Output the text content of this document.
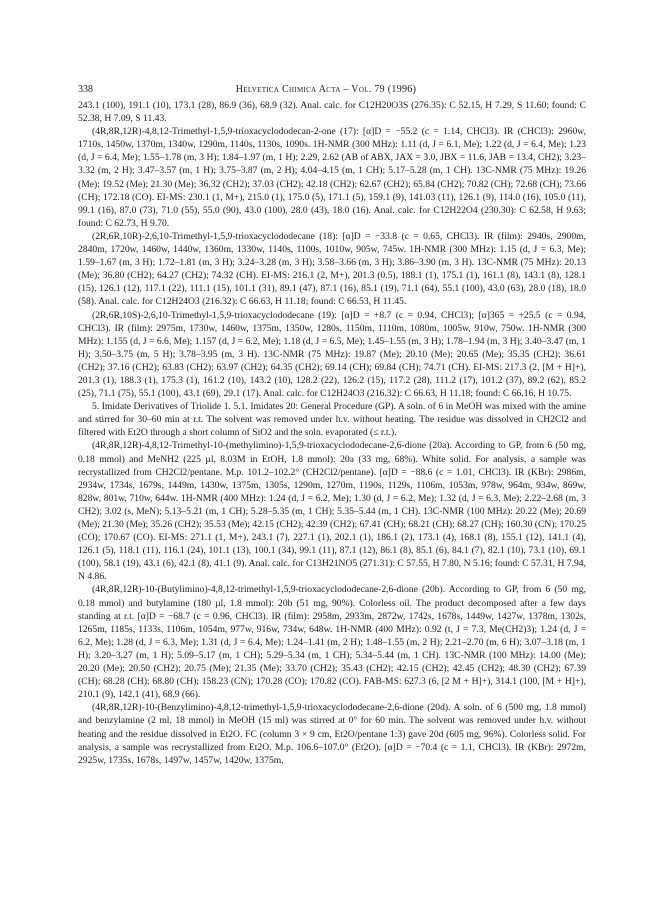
338	Helvetica Chimica Acta – Vol. 79 (1996)

243.1 (100), 191.1 (10), 173.1 (28), 86.9 (36), 68.9 (32). Anal. calc. for C12H20O3S (276.35): C 52.15, H 7.29, S 11.60; found: C 52.38, H 7.09, S 11.43.

(4R,8R,12R)-4,8,12-Trimethyl-1,5,9-trioxacyclododecan-2-one (17): [α]D = −55.2 (c = 1.14, CHCl3). IR (CHCl3): 2960w, 1710s, 1450w, 1370m, 1340w, 1290m, 1140s, 1130s, 1090s. 1H-NMR (300 MHz): 1.11 (d, J = 6.1, Me); 1.22 (d, J = 6.4, Me); 1.23 (d, J = 6.4, Me); 1.55–1.78 (m, 3 H); 1.84–1.97 (m, 1 H); 2.29, 2.62 (AB of ABX, JAX = 3.0, JBX = 11.6, JAB = 13.4, CH2); 3.23–3.32 (m, 2 H); 3.47–3.57 (m, 1 H); 3.75–3.87 (m, 2 H); 4.04–4.15 (m, 1 CH); 5.17–5.28 (m, 1 CH). 13C-NMR (75 MHz): 19.26 (Me); 19.52 (Me); 21.30 (Me); 36.32 (CH2); 37.03 (CH2); 42.18 (CH2); 62.67 (CH2); 65.84 (CH2); 70.82 (CH); 72.68 (CH); 73.66 (CH); 172.18 (CO). EI-MS: 230.1 (1, M+), 215.0 (1), 175.0 (5), 171.1 (5), 159.1 (9), 141.03 (11), 126.1 (9), 114.0 (16), 105.0 (11), 99.1 (16), 87.0 (73), 71.0 (55), 55.0 (90), 43.0 (100), 28.0 (43), 18.0 (16). Anal. calc. for C12H22O4 (230.30): C 62.58, H 9.63; found: C 62.73, H 9.70.

(2R,6R,10R)-2,6,10-Trimethyl-1,5,9-trioxacyclododecane (18): [α]D = −33.8 (c = 0.65, CHCl3). IR (film): 2940s, 2900m, 2840m, 1720w, 1460w, 1440w, 1360m, 1330w, 1140s, 1100s, 1010w, 905w, 745w. 1H-NMR (300 MHz): 1.15 (d, J = 6.3, Me); 1.59–1.67 (m, 3 H); 1.72–1.81 (m, 3 H); 3.24–3.28 (m, 3 H); 3.58–3.66 (m, 3 H); 3.86–3.90 (m, 3 H). 13C-NMR (75 MHz): 20.13 (Me); 36.80 (CH2); 64.27 (CH2); 74.32 (CH). EI-MS: 216.1 (2, M+), 201.3 (0.5), 188.1 (1), 175.1 (1), 161.1 (8), 143.1 (8), 128.1 (15), 126.1 (12), 117.1 (22), 111.1 (15), 101.1 (31), 89.1 (47), 87.1 (16), 85.1 (19), 71.1 (64), 55.1 (100), 43.0 (63), 28.0 (18), 18.0 (58). Anal. calc. for C12H24O3 (216.32): C 66.63, H 11.18; found: C 66.53, H 11.45.

(2R,6R,10S)-2,6,10-Trimethyl-1,5,9-trioxacyclododecane (19): [α]D = +8.7 (c = 0.94, CHCl3); [α]365 = +25.5 (c = 0.94, CHCl3). IR (film): 2975m, 1730w, 1460w, 1375m, 1350w, 1280s, 1150m, 1110m, 1080m, 1005w, 910w, 750w. 1H-NMR (300 MHz): 1.155 (d, J = 6.6, Me); 1.157 (d, J = 6.2, Me); 1.18 (d, J = 6.5, Me); 1.45–1.55 (m, 3 H); 1.78–1.94 (m, 3 H); 3.40–3.47 (m, 1 H); 3.50–3.75 (m, 5 H); 3.78–3.95 (m, 3 H). 13C-NMR (75 MHz): 19.87 (Me); 20.10 (Me); 20.65 (Me); 35.35 (CH2); 36.61 (CH2); 37.16 (CH2); 63.83 (CH2); 63.97 (CH2); 64.35 (CH2); 69.14 (CH); 69.84 (CH); 74.71 (CH). EI-MS: 217.3 (2, [M + H]+), 201.3 (1), 188.3 (1), 175.3 (1), 161.2 (10), 143.2 (10), 128.2 (22), 126.2 (15), 117.2 (28), 111.2 (17), 101.2 (37), 89.2 (62), 85.2 (25), 71.1 (75), 55.1 (100), 43.1 (69), 29.1 (17). Anal. calc. for C12H24O3 (216.32): C 66.63, H 11.18; found: C 66.16, H 10.75.

5. Imidate Derivatives of Triolide 1. 5.1. Imidates 20: General Procedure (GP). A soln. of 6 in MeOH was mixed with the amine and stirred for 30–60 min at r.t. The solvent was removed under h.v. without heating. The residue was dissolved in CH2Cl2 and filtered with Et2O through a short column of SiO2 and the soln. evaporated (≤ r.t.).

(4R,8R,12R)-4,8,12-Trimethyl-10-(methylimino)-1,5,9-trioxacyclododecane-2,6-dione (20a). According to GP, from 6 (50 mg, 0.18 mmol) and MeNH2 (225 µl, 8.03M in EtOH, 1.8 mmol): 20a (33 mg, 68%). White solid. For analysis, a sample was recrystallized from CH2Cl2/pentane. M.p. 101.2–102.2° (CH2Cl2/pentane). [α]D = −88.6 (c = 1.01, CHCl3). IR (KBr): 2986m, 2934w, 1734s, 1679s, 1449m, 1430w, 1375m, 1305s, 1290m, 1270m, 1190s, 1129s, 1106m, 1053m, 978w, 964m, 934w, 869w, 828w, 801w, 710w, 644w. 1H-NMR (400 MHz): 1.24 (d, J = 6.2, Me); 1.30 (d, J = 6.2, Me); 1.32 (d, J = 6.3, Me); 2.22–2.68 (m, 3 CH2); 3.02 (s, MeN); 5.13–5.21 (m, 1 CH); 5.28–5.35 (m, 1 CH); 5.35–5.44 (m, 1 CH). 13C-NMR (100 MHz): 20.22 (Me); 20.69 (Me); 21.30 (Me); 35.26 (CH2); 35.53 (Me); 42.15 (CH2); 42.39 (CH2); 67.41 (CH); 68.21 (CH); 68.27 (CH); 160.30 (CN); 170.25 (CO); 170.67 (CO). EI-MS: 271.1 (1, M+), 243.1 (7), 227.1 (1), 202.1 (1), 186.1 (2), 173.1 (4), 168.1 (8), 155.1 (12), 141.1 (4), 126.1 (5), 118.1 (11), 116.1 (24), 101.1 (13), 100.1 (34), 99.1 (11), 87.1 (12), 86.1 (8), 85.1 (6), 84.1 (7), 82.1 (10), 73.1 (10), 69.1 (100), 58.1 (19), 43.1 (6), 42.1 (8), 41.1 (9). Anal. calc. for C13H21NO5 (271.31): C 57.55, H 7.80, N 5.16; found: C 57.31, H 7.94, N 4.86.

(4R,8R,12R)-10-(Butylimino)-4,8,12-trimethyl-1,5,9-trioxacyclododecane-2,6-dione (20b). According to GP, from 6 (50 mg, 0.18 mmol) and butylamine (180 µl, 1.8 mmol): 20b (51 mg, 90%). Colorless oil. The product decomposed after a few days standing at r.t. [α]D = −68.7 (c = 0.96, CHCl3). IR (film): 2958m, 2933m, 2872w, 1742s, 1678s, 1449w, 1427w, 1378m, 1302s, 1265m, 1185s, 1133s, 1106m, 1054m, 977w, 916w, 734w, 648w. 1H-NMR (400 MHz): 0.92 (t, J = 7.3, Me(CH2)3); 1.24 (d, J = 6.2, Me); 1.28 (d, J = 6.3, Me); 1.31 (d, J = 6.4, Me); 1.24–1.41 (m, 2 H); 1.48–1.55 (m, 2 H); 2.21–2.70 (m, 6 H); 3.07–3.18 (m, 1 H); 3.20–3.27 (m, 1 H); 5.09–5.17 (m, 1 CH); 5.29–5.34 (m, 1 CH); 5.34–5.44 (m, 1 CH). 13C-NMR (100 MHz): 14.00 (Me); 20.20 (Me); 20.50 (CH2); 20.75 (Me); 21.35 (Me); 33.70 (CH2); 35.43 (CH2); 42.15 (CH2); 42.45 (CH2); 48.30 (CH2); 67.39 (CH); 68.28 (CH); 68.80 (CH); 158.23 (CN); 170.28 (CO); 170.82 (CO). FAB-MS: 627.3 (6, [2 M + H]+), 314.1 (100, [M + H]+), 210.1 (9), 142.1 (41), 68.9 (66).

(4R,8R,12R)-10-(Benzylimino)-4,8,12-trimethyl-1,5,9-trioxacyclododecane-2,6-dione (20d). A soln. of 6 (500 mg, 1.8 mmol) and benzylamine (2 ml, 18 mmol) in MeOH (15 ml) was stirred at 0° for 60 min. The solvent was removed under h.v. without heating and the residue dissolved in Et2O. FC (column 3 × 9 cm, Et2O/pentane 1:3) gave 20d (605 mg, 96%). Colorless solid. For analysis, a sample was recrystallized from Et2O. M.p. 106.6–107.0° (Et2O). [α]D = −70.4 (c = 1.1, CHCl3). IR (KBr): 2972m, 2925w, 1735s, 1678s, 1497w, 1457w, 1420w, 1375m,
